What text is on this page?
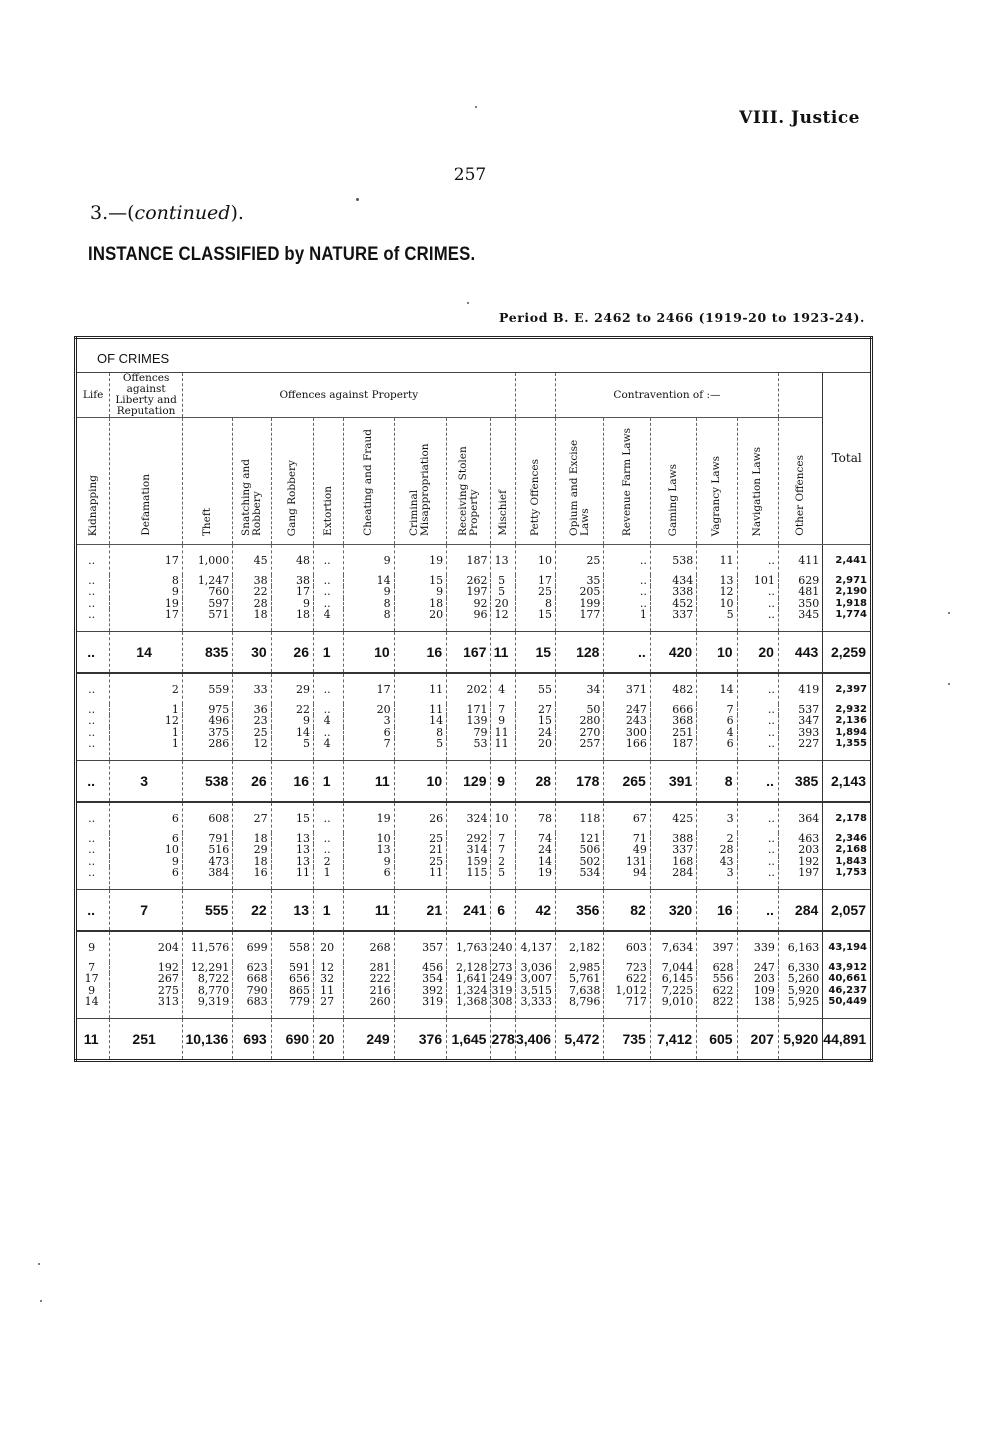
VIII. Justice
257
3.—(continued).
INSTANCE CLASSIFIED by NATURE of CRIMES.
Period B. E. 2462 to 2466 (1919-20 to 1923-24).
OF CRIMES																	
Life	Offences against Liberty and Reputation	Offences against Property									Contravention of :—						Total

Kidnapping	Defamation	Theft	Snatching and Robbery	Gang Robbery	Extortion	Cheating and Fraud	Criminal Misappropriation	Receiving Stolen Property	Mischief	Petty Offences	Opium and Excise Laws	Revenue Farm Laws	Gaming Laws	Vagrancy Laws	Navigation Laws	Other Offences	

..	17	1,000	45	48	..	9	19	187	13	10	25	..	538	11	..	411	2,441
..	8	1,247	38	38	..	14	15	262	5	17	35	..	434	13	101	629	2,971
..	9	760	22	17	..	9	9	197	5	25	205	..	338	12	..	481	2,190
..	19	597	28	9	..	8	18	92	20	8	199	..	452	10	..	350	1,918
..	17	571	18	18	4	8	20	96	12	15	177	1	337	5	..	345	1,774
..	14	835	30	26	1	10	16	167	11	15	128	..	420	10	20	443	2,259
..	2	559	33	29	..	17	11	202	4	55	34	371	482	14	..	419	2,397
..	1	975	36	22	..	20	11	171	7	27	50	247	666	7	..	537	2,932
..	12	496	23	9	4	3	14	139	9	15	280	243	368	6	..	347	2,136
..	1	375	25	14	..	6	8	79	11	24	270	300	251	4	..	393	1,894
..	1	286	12	5	4	7	5	53	11	20	257	166	187	6	..	227	1,355
..	3	538	26	16	1	11	10	129	9	28	178	265	391	8	..	385	2,143
..	6	608	27	15	..	19	26	324	10	78	118	67	425	3	..	364	2,178
..	6	791	18	13	..	10	25	292	7	74	121	71	388	2	..	463	2,346
..	10	516	29	13	..	13	21	314	7	24	506	49	337	28	..	203	2,168
..	9	473	18	13	2	9	25	159	2	14	502	131	168	43	..	192	1,843
..	6	384	16	11	1	6	11	115	5	19	534	94	284	3	..	197	1,753
..	7	555	22	13	1	11	21	241	6	42	356	82	320	16	..	284	2,057
9	204	11,576	699	558	20	268	357	1,763	240	4,137	2,182	603	7,634	397	339	6,163	43,194
7	192	12,291	623	591	12	281	456	2,128	273	3,036	2,985	723	7,044	628	247	6,330	43,912
17	267	8,722	668	656	32	222	354	1,641	249	3,007	5,761	622	6,145	556	203	5,260	40,661
9	275	8,770	790	865	11	216	392	1,324	319	3,515	7,638	1,012	7,225	622	109	5,920	46,237
14	313	9,319	683	779	27	260	319	1,368	308	3,333	8,796	717	9,010	822	138	5,925	50,449
11	251	10,136	693	690	20	249	376	1,645	278	3,406	5,472	735	7,412	605	207	5,920	44,891
